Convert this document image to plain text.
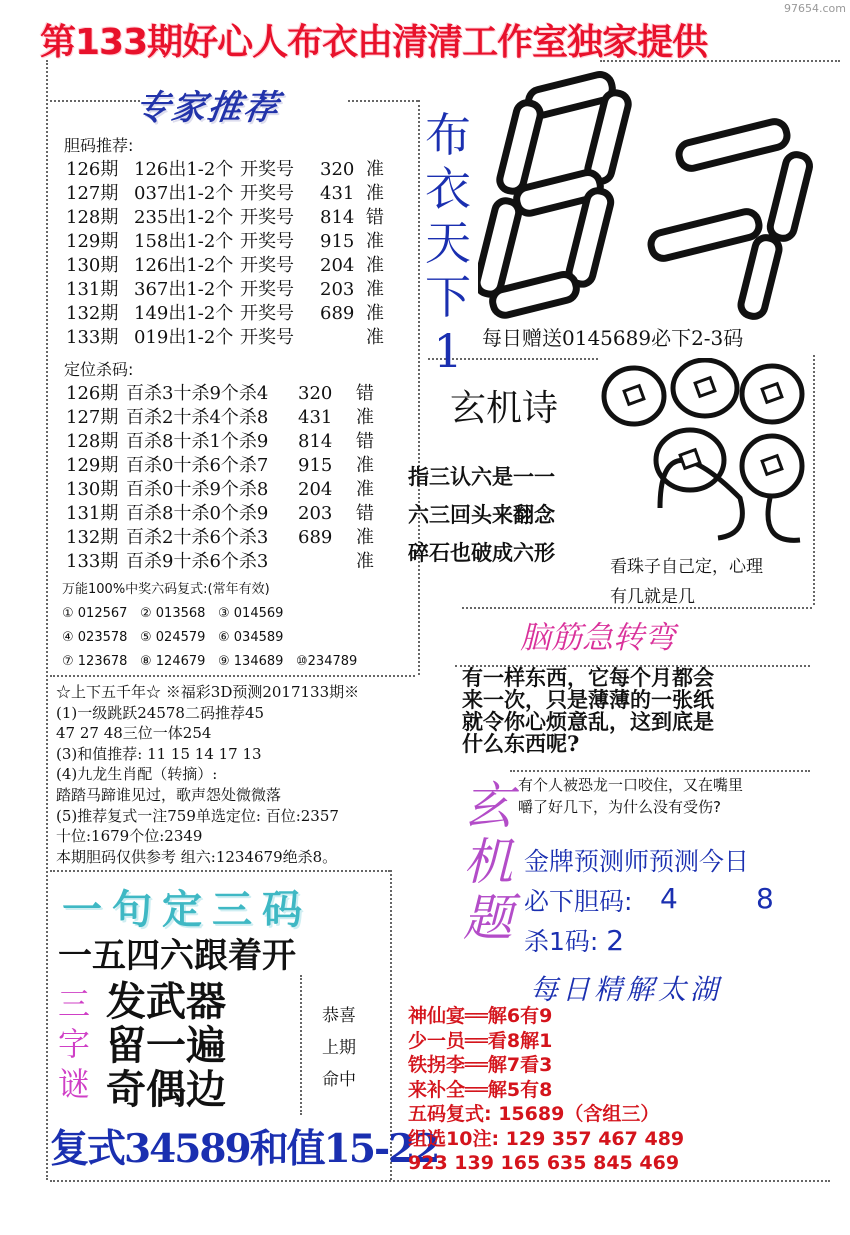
97654.com
第133期好心人布衣由清清工作室独家提供
专家推荐
胆码推荐:
126期 126出1-2个 开奖号 320 准
127期 037出1-2个 开奖号 431 准
128期 235出1-2个 开奖号 814 错
129期 158出1-2个 开奖号 915 准
130期 126出1-2个 开奖号 204 准
131期 367出1-2个 开奖号 203 准
132期 149出1-2个 开奖号 689 准
133期 019出1-2个 开奖号	准
定位杀码:
126期 百杀3十杀9个杀4 320 错
127期 百杀2十杀4个杀8 431 准
128期 百杀8十杀1个杀9 814 错
129期 百杀0十杀6个杀7 915 准
130期 百杀0十杀9个杀8 204 准
131期 百杀8十杀0个杀9 203 错
132期 百杀2十杀6个杀3 689 准
133期 百杀9十杀6个杀3	准
万能100%中奖六码复式:(常年有效)
① 012567 ② 013568 ③ 014569
④ 023578 ⑤ 024579 ⑥ 034589
⑦ 123678 ⑧ 124679 ⑨ 134689 ⑩234789
布
衣
天
下
1 每日赠送0145689必下2-3码
玄机诗
指三认六是一一
六三回头来翻念
碎石也破成六形
看珠子自己定，心理
有几就是几
脑筋急转弯
有一样东西，它每个月都会
来一次，只是薄薄的一张纸
就令你心烦意乱，这到底是
什么东西呢?
玄
机
题
有个人被恐龙一口咬住，又在嘴里
嚼了好几下，为什么没有受伤?
金牌预测师预测今日
必下胆码: 4	8
杀1码: 2
☆上下五千年☆ ※福彩3D预测2017133期※
(1)一级跳跃24578二码推荐45
47 27 48三位一体254
(3)和值推荐: 11 15 14 17 13
(4)九龙生肖配（转摘）:
踏踏马蹄谁见过，歌声怨处微微落
(5)推荐复式一注759单选定位: 百位:2357
十位:1679个位:2349
本期胆码仅供参考 组六:1234679绝杀8。
一句定三码
一五四六跟着开
三
字
谜
发武器
留一遍
奇偶边
恭喜
上期
命中
复式34589和值15-22
每日精解太湖
神仙宴══解6有9
少一员══看8解1
铁拐李══解7看3
来补全══解5有8
五码复式: 15689（含组三）
组选10注: 129 357 467 489
923 139 165 635 845 469
